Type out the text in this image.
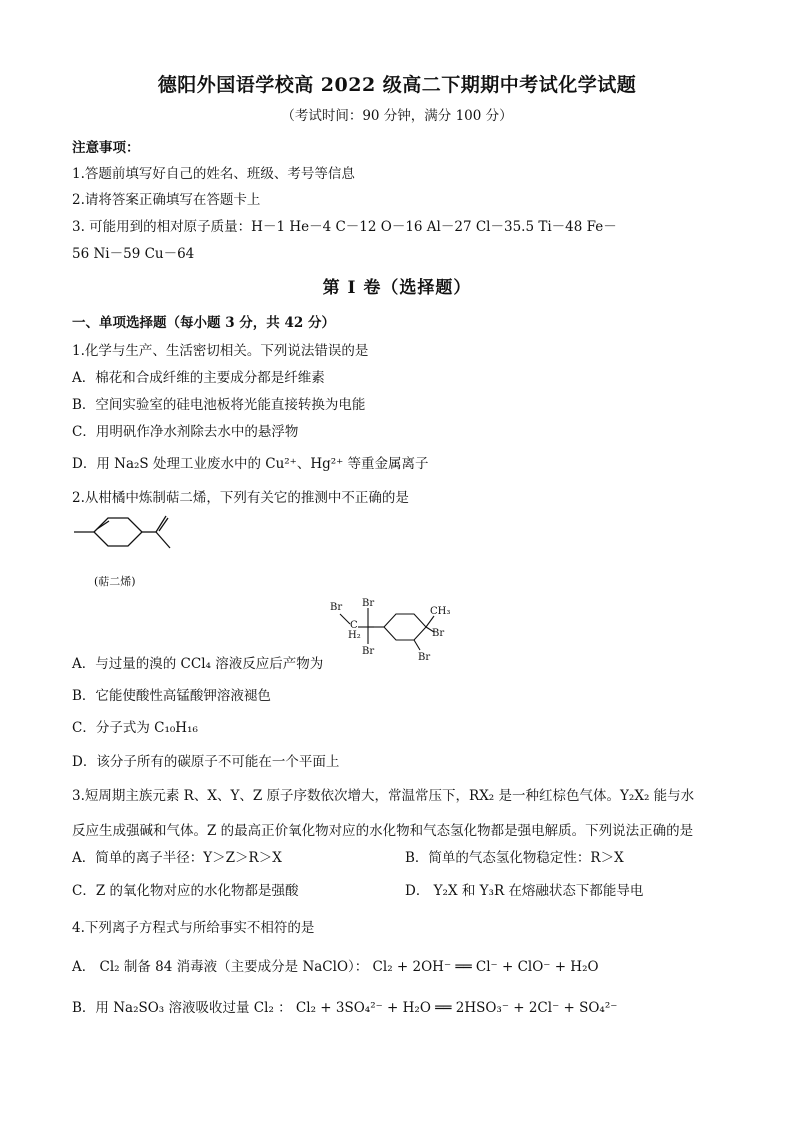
德阳外国语学校高 2022 级高二下期期中考试化学试题
（考试时间：90 分钟，满分 100 分）
注意事项：
1.答题前填写好自己的姓名、班级、考号等信息
2.请将答案正确填写在答题卡上
3. 可能用到的相对原子质量：H－1 He－4 C－12 O－16 Al－27 Cl－35.5 Ti－48 Fe－
56 Ni－59 Cu－64
第 I 卷（选择题）
一、单项选择题（每小题 3 分，共 42 分）
1.化学与生产、生活密切相关。下列说法错误的是
A．棉花和合成纤维的主要成分都是纤维素
B．空间实验室的硅电池板将光能直接转换为电能
C．用明矾作净水剂除去水中的悬浮物
D．用 Na₂S 处理工业废水中的 Cu²⁺、Hg²⁺ 等重金属离子
2.从柑橘中炼制萜二烯，下列有关它的推测中不正确的是
(萜二烯)
Br Br
C
H₂
Br
CH₃
Br
Br
A．与过量的溴的 CCl₄ 溶液反应后产物为
B．它能使酸性高锰酸钾溶液褪色
C．分子式为 C₁₀H₁₆
D．该分子所有的碳原子不可能在一个平面上
3.短周期主族元素 R、X、Y、Z 原子序数依次增大，常温常压下，RX₂ 是一种红棕色气体。Y₂X₂ 能与水
反应生成强碱和气体。Z 的最高正价氧化物对应的水化物和气态氢化物都是强电解质。下列说法正确的是
A．简单的离子半径：Y＞Z＞R＞X	B．简单的气态氢化物稳定性：R＞X
C．Z 的氧化物对应的水化物都是强酸	D． Y₂X 和 Y₃R 在熔融状态下都能导电
4.下列离子方程式与所给事实不相符的是
A． Cl₂ 制备 84 消毒液（主要成分是 NaClO）： Cl₂ + 2OH⁻ ══ Cl⁻ + ClO⁻ + H₂O
B．用 Na₂SO₃ 溶液吸收过量 Cl₂ ： Cl₂ + 3SO₄²⁻ + H₂O ══ 2HSO₃⁻ + 2Cl⁻ + SO₄²⁻
